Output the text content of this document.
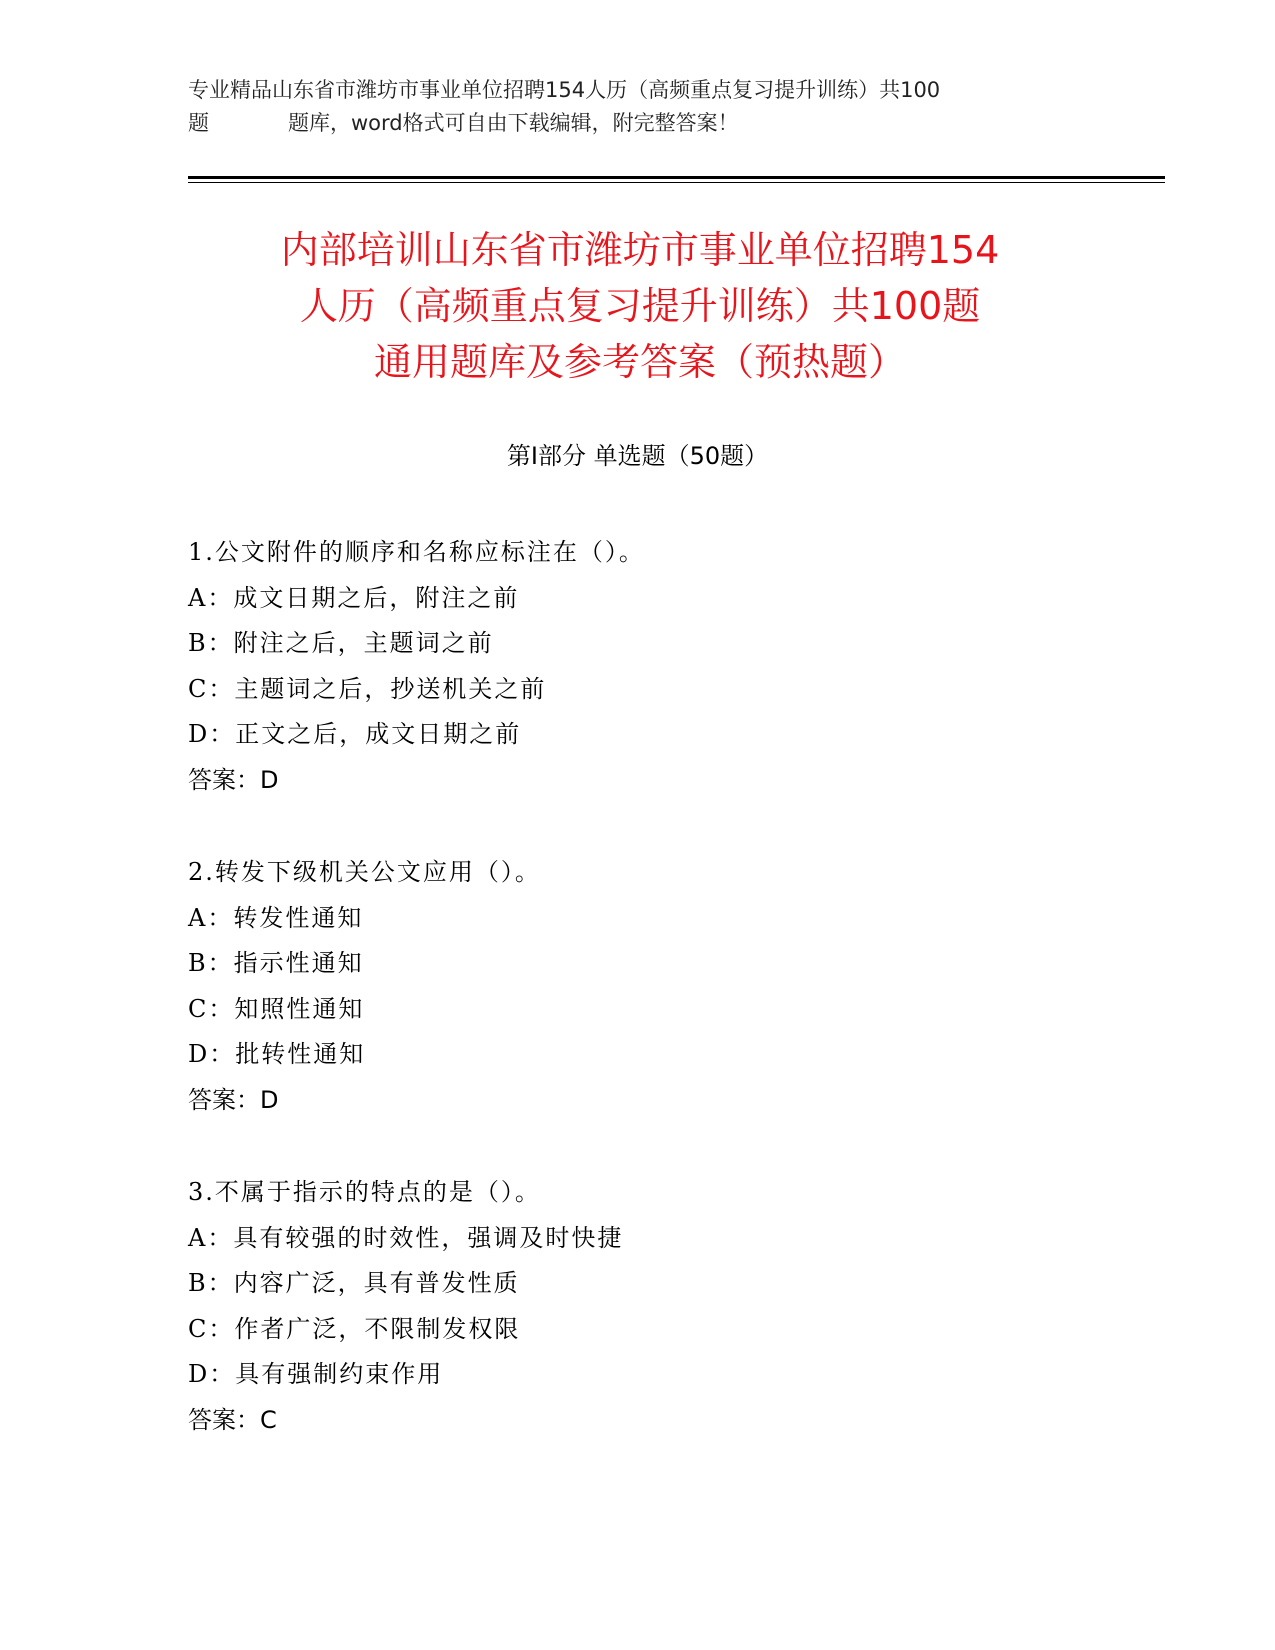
专业精品山东省市潍坊市事业单位招聘154人历（高频重点复习提升训练）共100
题	题库，word格式可自由下载编辑，附完整答案！
内部培训山东省市潍坊市事业单位招聘154
人历（高频重点复习提升训练）共100题
通用题库及参考答案（预热题）
第Ⅰ部分 单选题（50题）
1.公文附件的顺序和名称应标注在（）。
A：成文日期之后，附注之前
B：附注之后，主题词之前
C：主题词之后，抄送机关之前
D：正文之后，成文日期之前
答案：D
2.转发下级机关公文应用（）。
A：转发性通知
B：指示性通知
C：知照性通知
D：批转性通知
答案：D
3.不属于指示的特点的是（）。
A：具有较强的时效性，强调及时快捷
B：内容广泛，具有普发性质
C：作者广泛，不限制发权限
D：具有强制约束作用
答案：C
